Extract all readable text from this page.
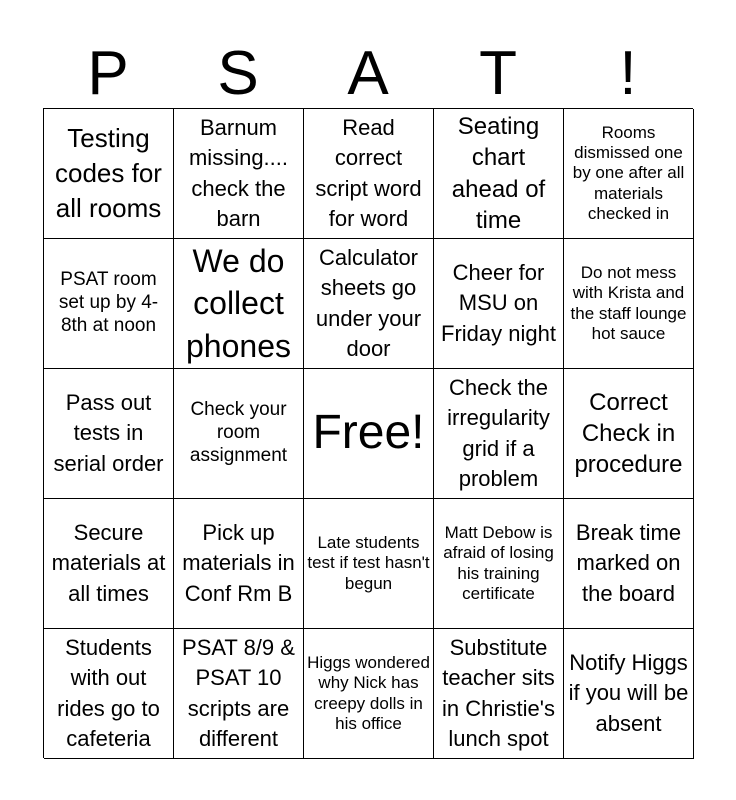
P	S	A	T	!
Testing codes for all rooms
Barnum missing.... check the barn
Read correct script word for word
Seating chart ahead of time
Rooms dismissed one by one after all materials checked in
PSAT room set up by 4-8th at noon
We do collect phones
Calculator sheets go under your door
Cheer for MSU on Friday night
Do not mess with Krista and the staff lounge hot sauce
Pass out tests in serial order
Check your room assignment Free!
Check the irregularity grid if a problem
Correct Check in procedure
Secure materials at all times
Pick up materials in Conf Rm B
Late students test if test hasn't begun
Matt Debow is afraid of losing his training certificate
Break time marked on the board
Students with out rides go to cafeteria
PSAT 8/9 & PSAT 10 scripts are different
Higgs wondered why Nick has creepy dolls in his office
Substitute teacher sits in Christie's lunch spot
Notify Higgs if you will be absent
